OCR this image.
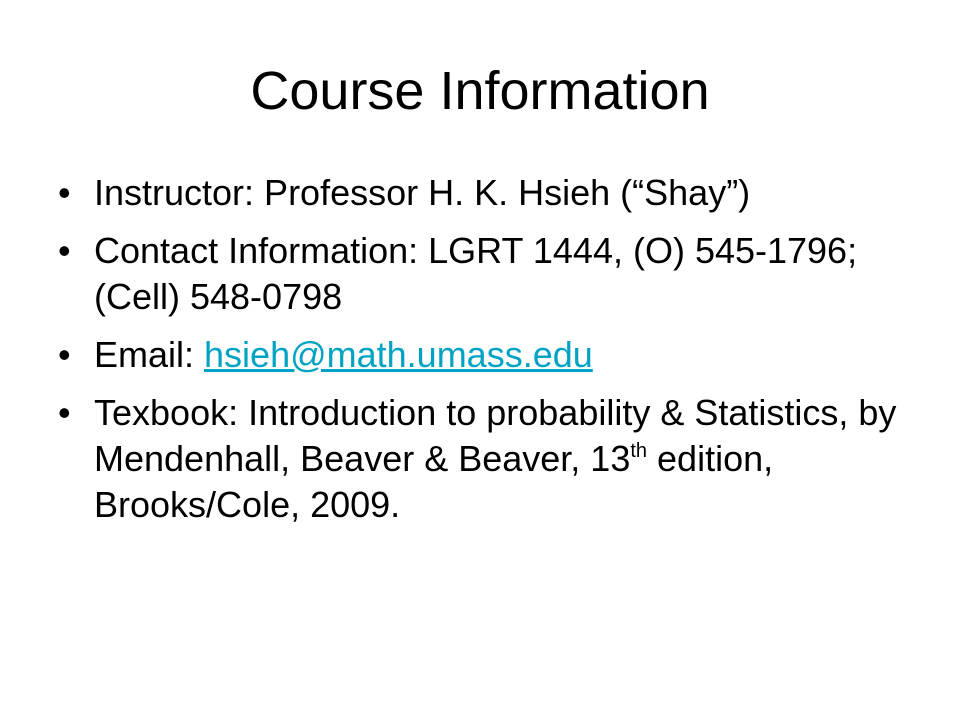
Course Information
• Instructor: Professor H. K. Hsieh (“Shay”)
• Contact Information: LGRT 1444, (O) 545-1796; (Cell) 548-0798
• Email: hsieh@math.umass.edu
• Texbook: Introduction to probability & Statistics, by Mendenhall, Beaver & Beaver, 13th edition, Brooks/Cole, 2009.
